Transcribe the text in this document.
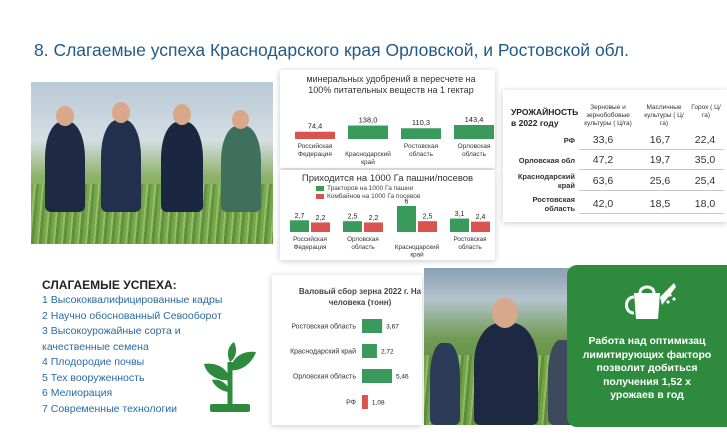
8. Слагаемые успеха Краснодарского края Орловской, и Ростовской обл.
минеральных удобрений в пересчете на 100% питательных веществ на 1 гектар
74,4
Российская
Федерация
138,0
Краснодарский
край
110,3
Ростовская
область
143,4
Орловская
область
Приходится на 1000 Га пашни/посевов
Тракторов на 1000 Га пашни
Комбайнов на 1000 Га посевов
2,7 2,2
Российская
Федерация
2,5 2,2
Орловская
область
6
2,5
Краснодарский
край
3,1 2,4
Ростовская
область
УРОЖАЙНОСТЬ
в 2022 году
Зерновые и зернобобовые культуры ( Ц/га)
Масличные культуры ( Ц/га)
Горох ( Ц/га)
РФ	33,6	16,7	22,4
Орловская обл	47,2	19,7	35,0
Краснодарский край	63,6	25,6	25,4
Ростовская область	42,0	18,5	18,0
СЛАГАЕМЫЕ УСПЕХА:
1 Высококвалифицированные кадры
2 Научно обоснованный Севооборот
3 Высокоурожайные сорта и
качественные семена
4 Плодородие почвы
5 Тех вооруженность
6 Мелиорация
7 Современные технологии
Валовый сбор зерна 2022 г. На человека (тонн)
3,67
Ростовская область
2,72
Краснодарский край
5,46
Орловская область
1,08
РФ
Работа над оптимизац
лимитирующих факторо
позволит добиться
получения 1,52 х
урожаев в год
